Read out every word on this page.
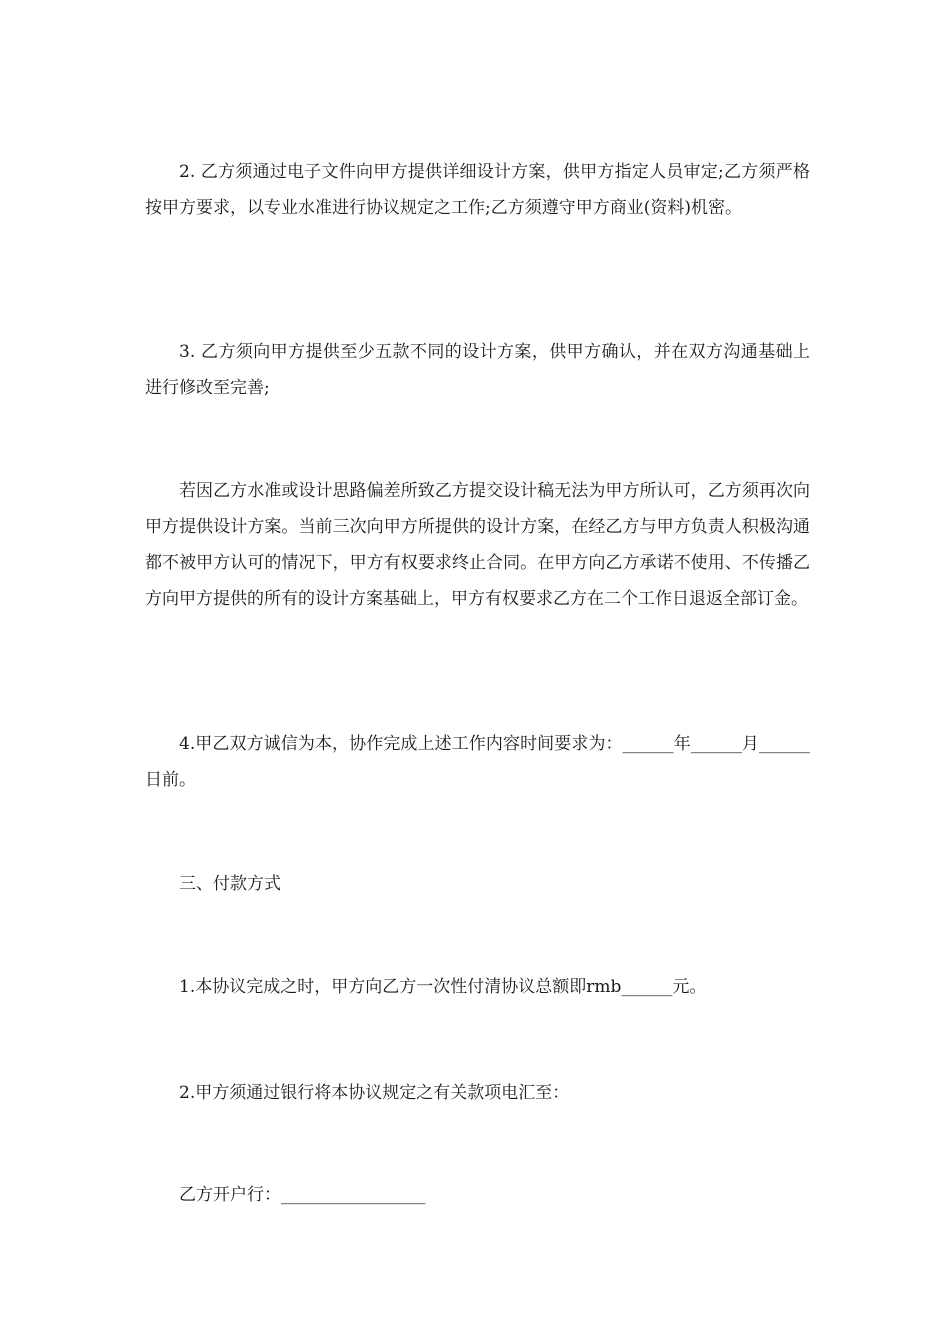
2. 乙方须通过电子文件向甲方提供详细设计方案，供甲方指定人员审定;乙方须严格按甲方要求，以专业水准进行协议规定之工作;乙方须遵守甲方商业(资料)机密。

3. 乙方须向甲方提供至少五款不同的设计方案，供甲方确认，并在双方沟通基础上进行修改至完善;

若因乙方水准或设计思路偏差所致乙方提交设计稿无法为甲方所认可，乙方须再次向甲方提供设计方案。当前三次向甲方所提供的设计方案，在经乙方与甲方负责人积极沟通都不被甲方认可的情况下，甲方有权要求终止合同。在甲方向乙方承诺不使用、不传播乙方向甲方提供的所有的设计方案基础上，甲方有权要求乙方在二个工作日退返全部订金。

4.甲乙双方诚信为本，协作完成上述工作内容时间要求为：______年______月______日前。

三、付款方式

1.本协议完成之时，甲方向乙方一次性付清协议总额即rmb______元。

2.甲方须通过银行将本协议规定之有关款项电汇至：

乙方开户行：_________________
